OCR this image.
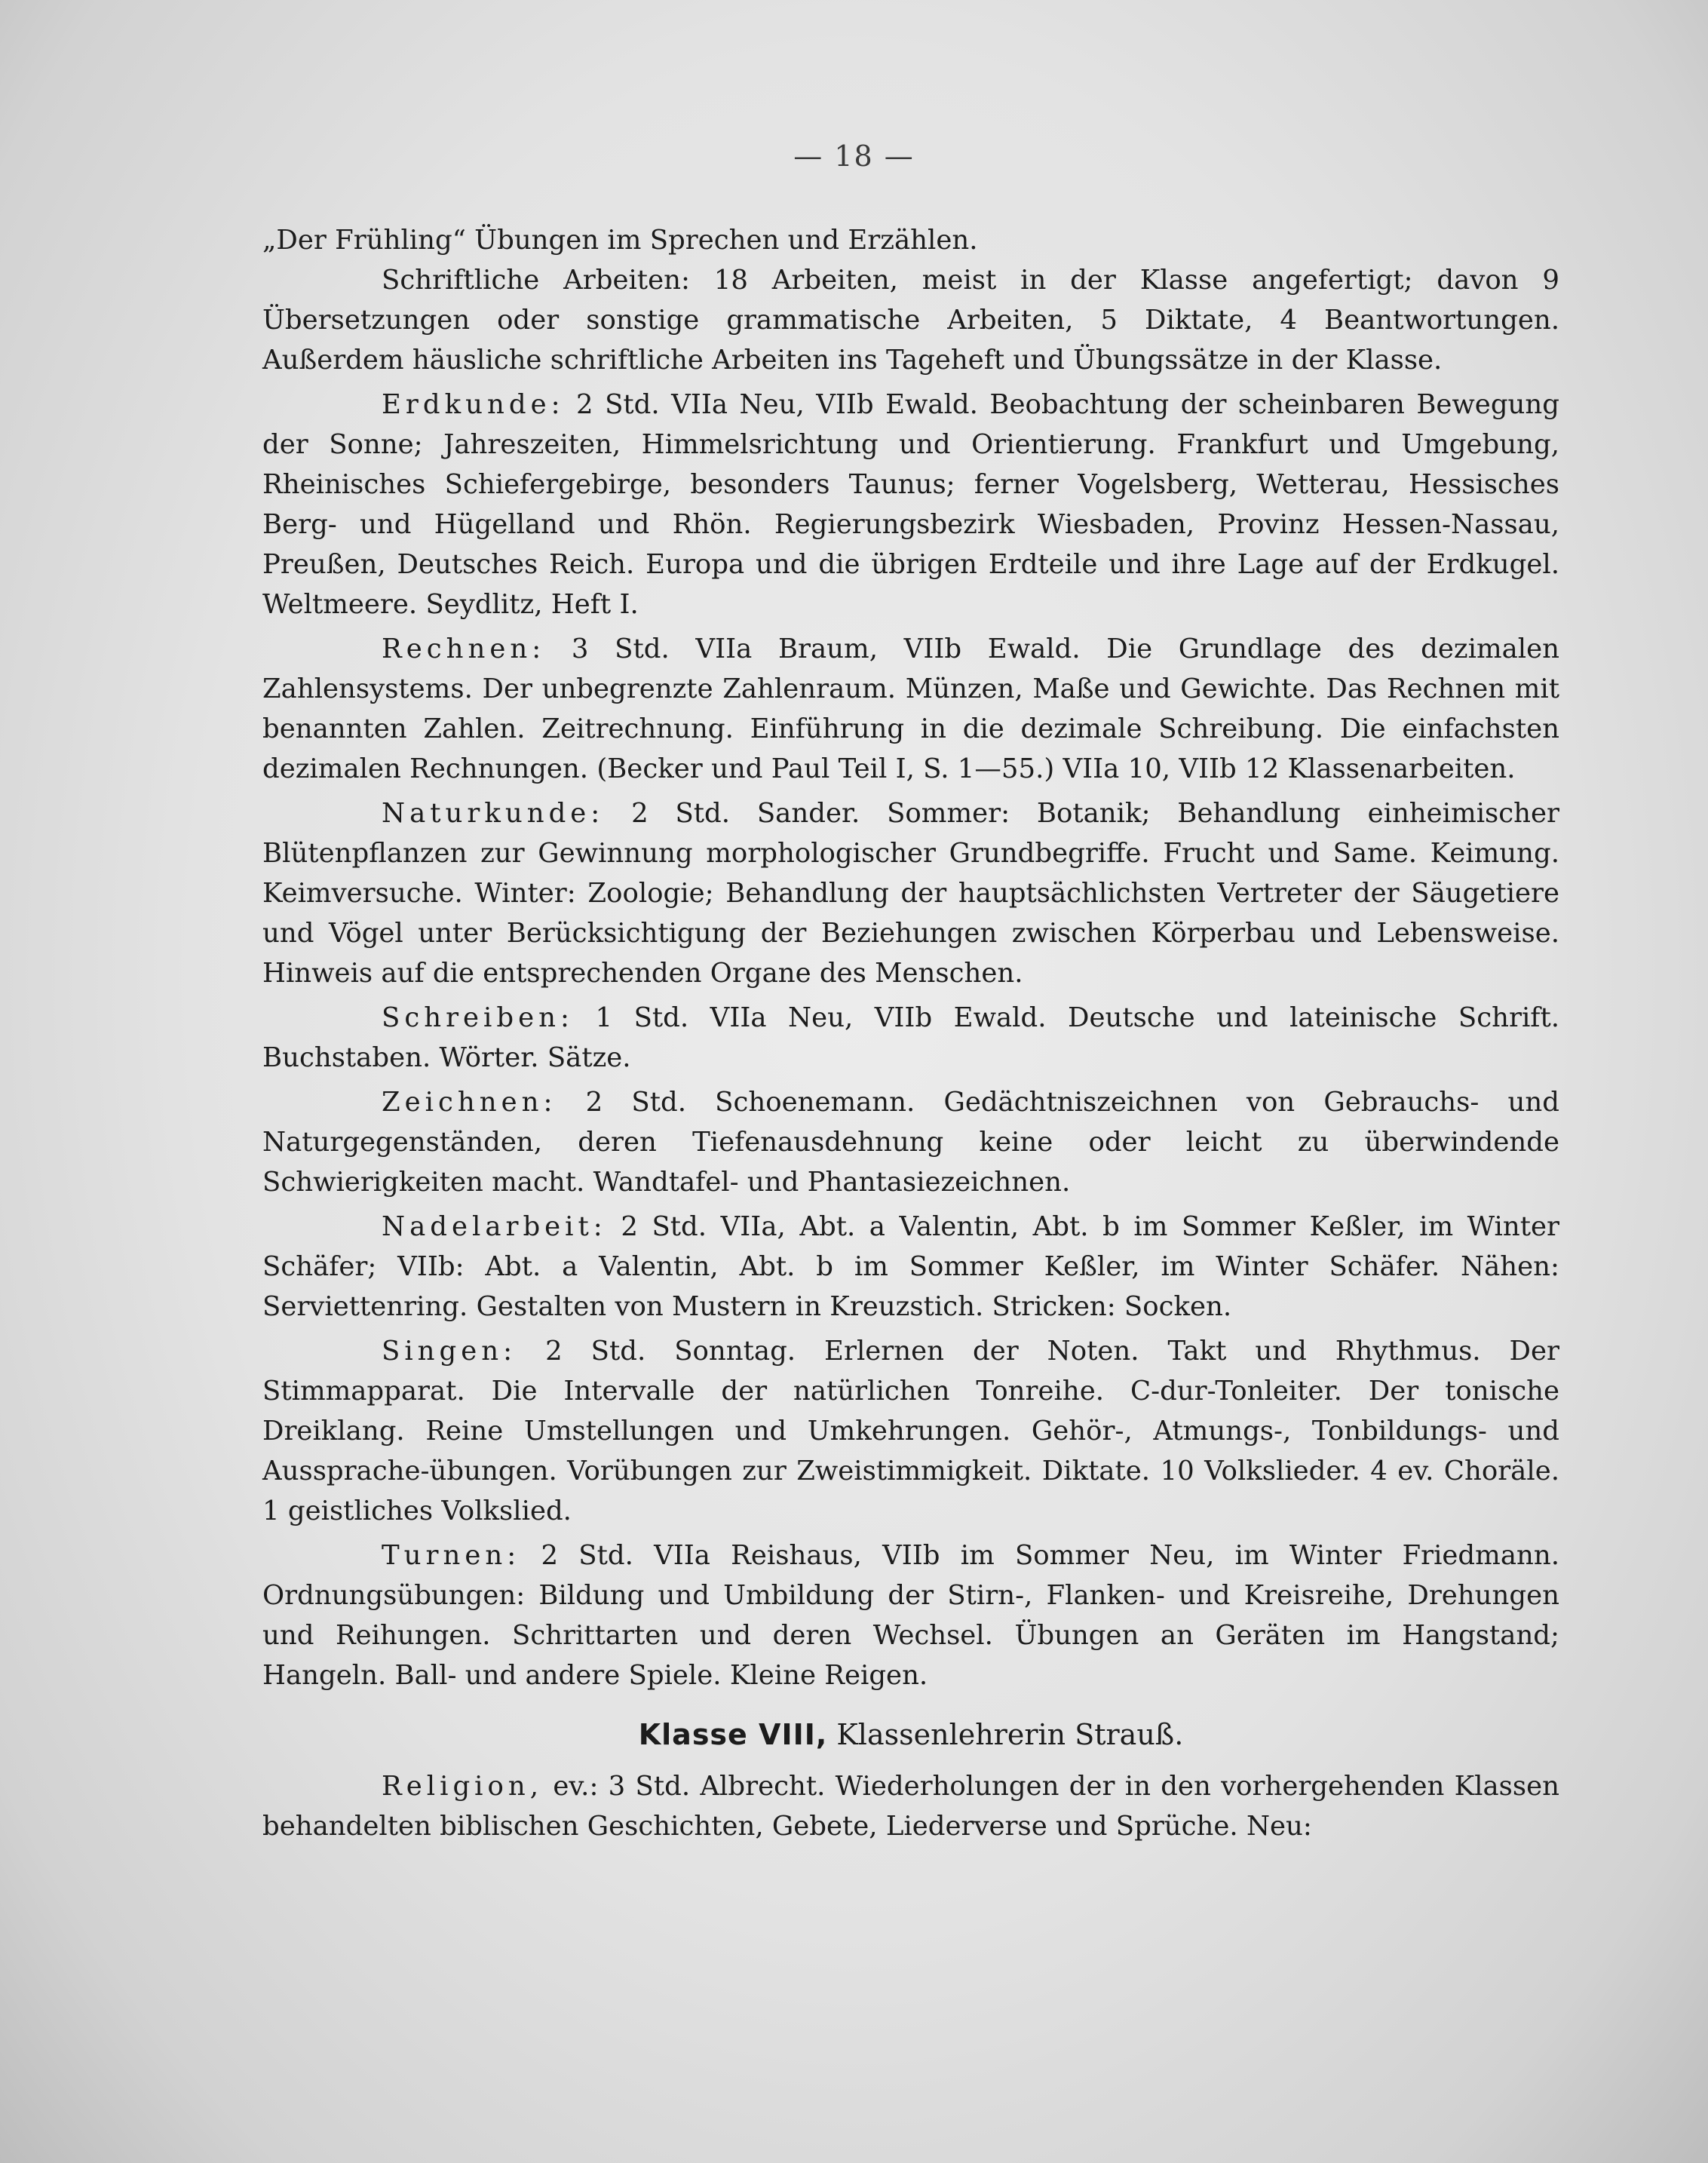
— 18 —

„Der Frühling“ Übungen im Sprechen und Erzählen.

Schriftliche Arbeiten: 18 Arbeiten, meist in der Klasse angefertigt; davon 9 Übersetzungen oder sonstige grammatische Arbeiten, 5 Diktate, 4 Beantwortungen. Außerdem häusliche schriftliche Arbeiten ins Tageheft und Übungssätze in der Klasse.

Erdkunde: 2 Std. VIIa Neu, VIIb Ewald. Beobachtung der scheinbaren Bewegung der Sonne; Jahreszeiten, Himmelsrichtung und Orientierung. Frankfurt und Umgebung, Rheinisches Schiefergebirge, besonders Taunus; ferner Vogelsberg, Wetterau, Hessisches Berg- und Hügelland und Rhön. Regierungsbezirk Wiesbaden, Provinz Hessen-Nassau, Preußen, Deutsches Reich. Europa und die übrigen Erdteile und ihre Lage auf der Erdkugel. Weltmeere. Seydlitz, Heft I.

Rechnen: 3 Std. VIIa Braum, VIIb Ewald. Die Grundlage des dezimalen Zahlensystems. Der unbegrenzte Zahlenraum. Münzen, Maße und Gewichte. Das Rechnen mit benannten Zahlen. Zeitrechnung. Einführung in die dezimale Schreibung. Die einfachsten dezimalen Rechnungen. (Becker und Paul Teil I, S. 1—55.) VIIa 10, VIIb 12 Klassenarbeiten.

Naturkunde: 2 Std. Sander. Sommer: Botanik; Behandlung einheimischer Blütenpflanzen zur Gewinnung morphologischer Grundbegriffe. Frucht und Same. Keimung. Keimversuche. Winter: Zoologie; Behandlung der hauptsächlichsten Vertreter der Säugetiere und Vögel unter Berücksichtigung der Beziehungen zwischen Körperbau und Lebensweise. Hinweis auf die entsprechenden Organe des Menschen.

Schreiben: 1 Std. VIIa Neu, VIIb Ewald. Deutsche und lateinische Schrift. Buchstaben. Wörter. Sätze.

Zeichnen: 2 Std. Schoenemann. Gedächtniszeichnen von Gebrauchs- und Naturgegenständen, deren Tiefenausdehnung keine oder leicht zu überwindende Schwierigkeiten macht. Wandtafel- und Phantasiezeichnen.

Nadelarbeit: 2 Std. VIIa, Abt. a Valentin, Abt. b im Sommer Keßler, im Winter Schäfer; VIIb: Abt. a Valentin, Abt. b im Sommer Keßler, im Winter Schäfer. Nähen: Serviettenring. Gestalten von Mustern in Kreuzstich. Stricken: Socken.

Singen: 2 Std. Sonntag. Erlernen der Noten. Takt und Rhythmus. Der Stimmapparat. Die Intervalle der natürlichen Tonreihe. C-dur-Tonleiter. Der tonische Dreiklang. Reine Umstellungen und Umkehrungen. Gehör-, Atmungs-, Tonbildungs- und Aussprache-übungen. Vorübungen zur Zweistimmigkeit. Diktate. 10 Volkslieder. 4 ev. Choräle. 1 geistliches Volkslied.

Turnen: 2 Std. VIIa Reishaus, VIIb im Sommer Neu, im Winter Friedmann. Ordnungsübungen: Bildung und Umbildung der Stirn-, Flanken- und Kreisreihe, Drehungen und Reihungen. Schrittarten und deren Wechsel. Übungen an Geräten im Hangstand; Hangeln. Ball- und andere Spiele. Kleine Reigen.

Klasse VIII, Klassenlehrerin Strauß.

Religion, ev.: 3 Std. Albrecht. Wiederholungen der in den vorhergehenden Klassen behandelten biblischen Geschichten, Gebete, Liederverse und Sprüche. Neu:
